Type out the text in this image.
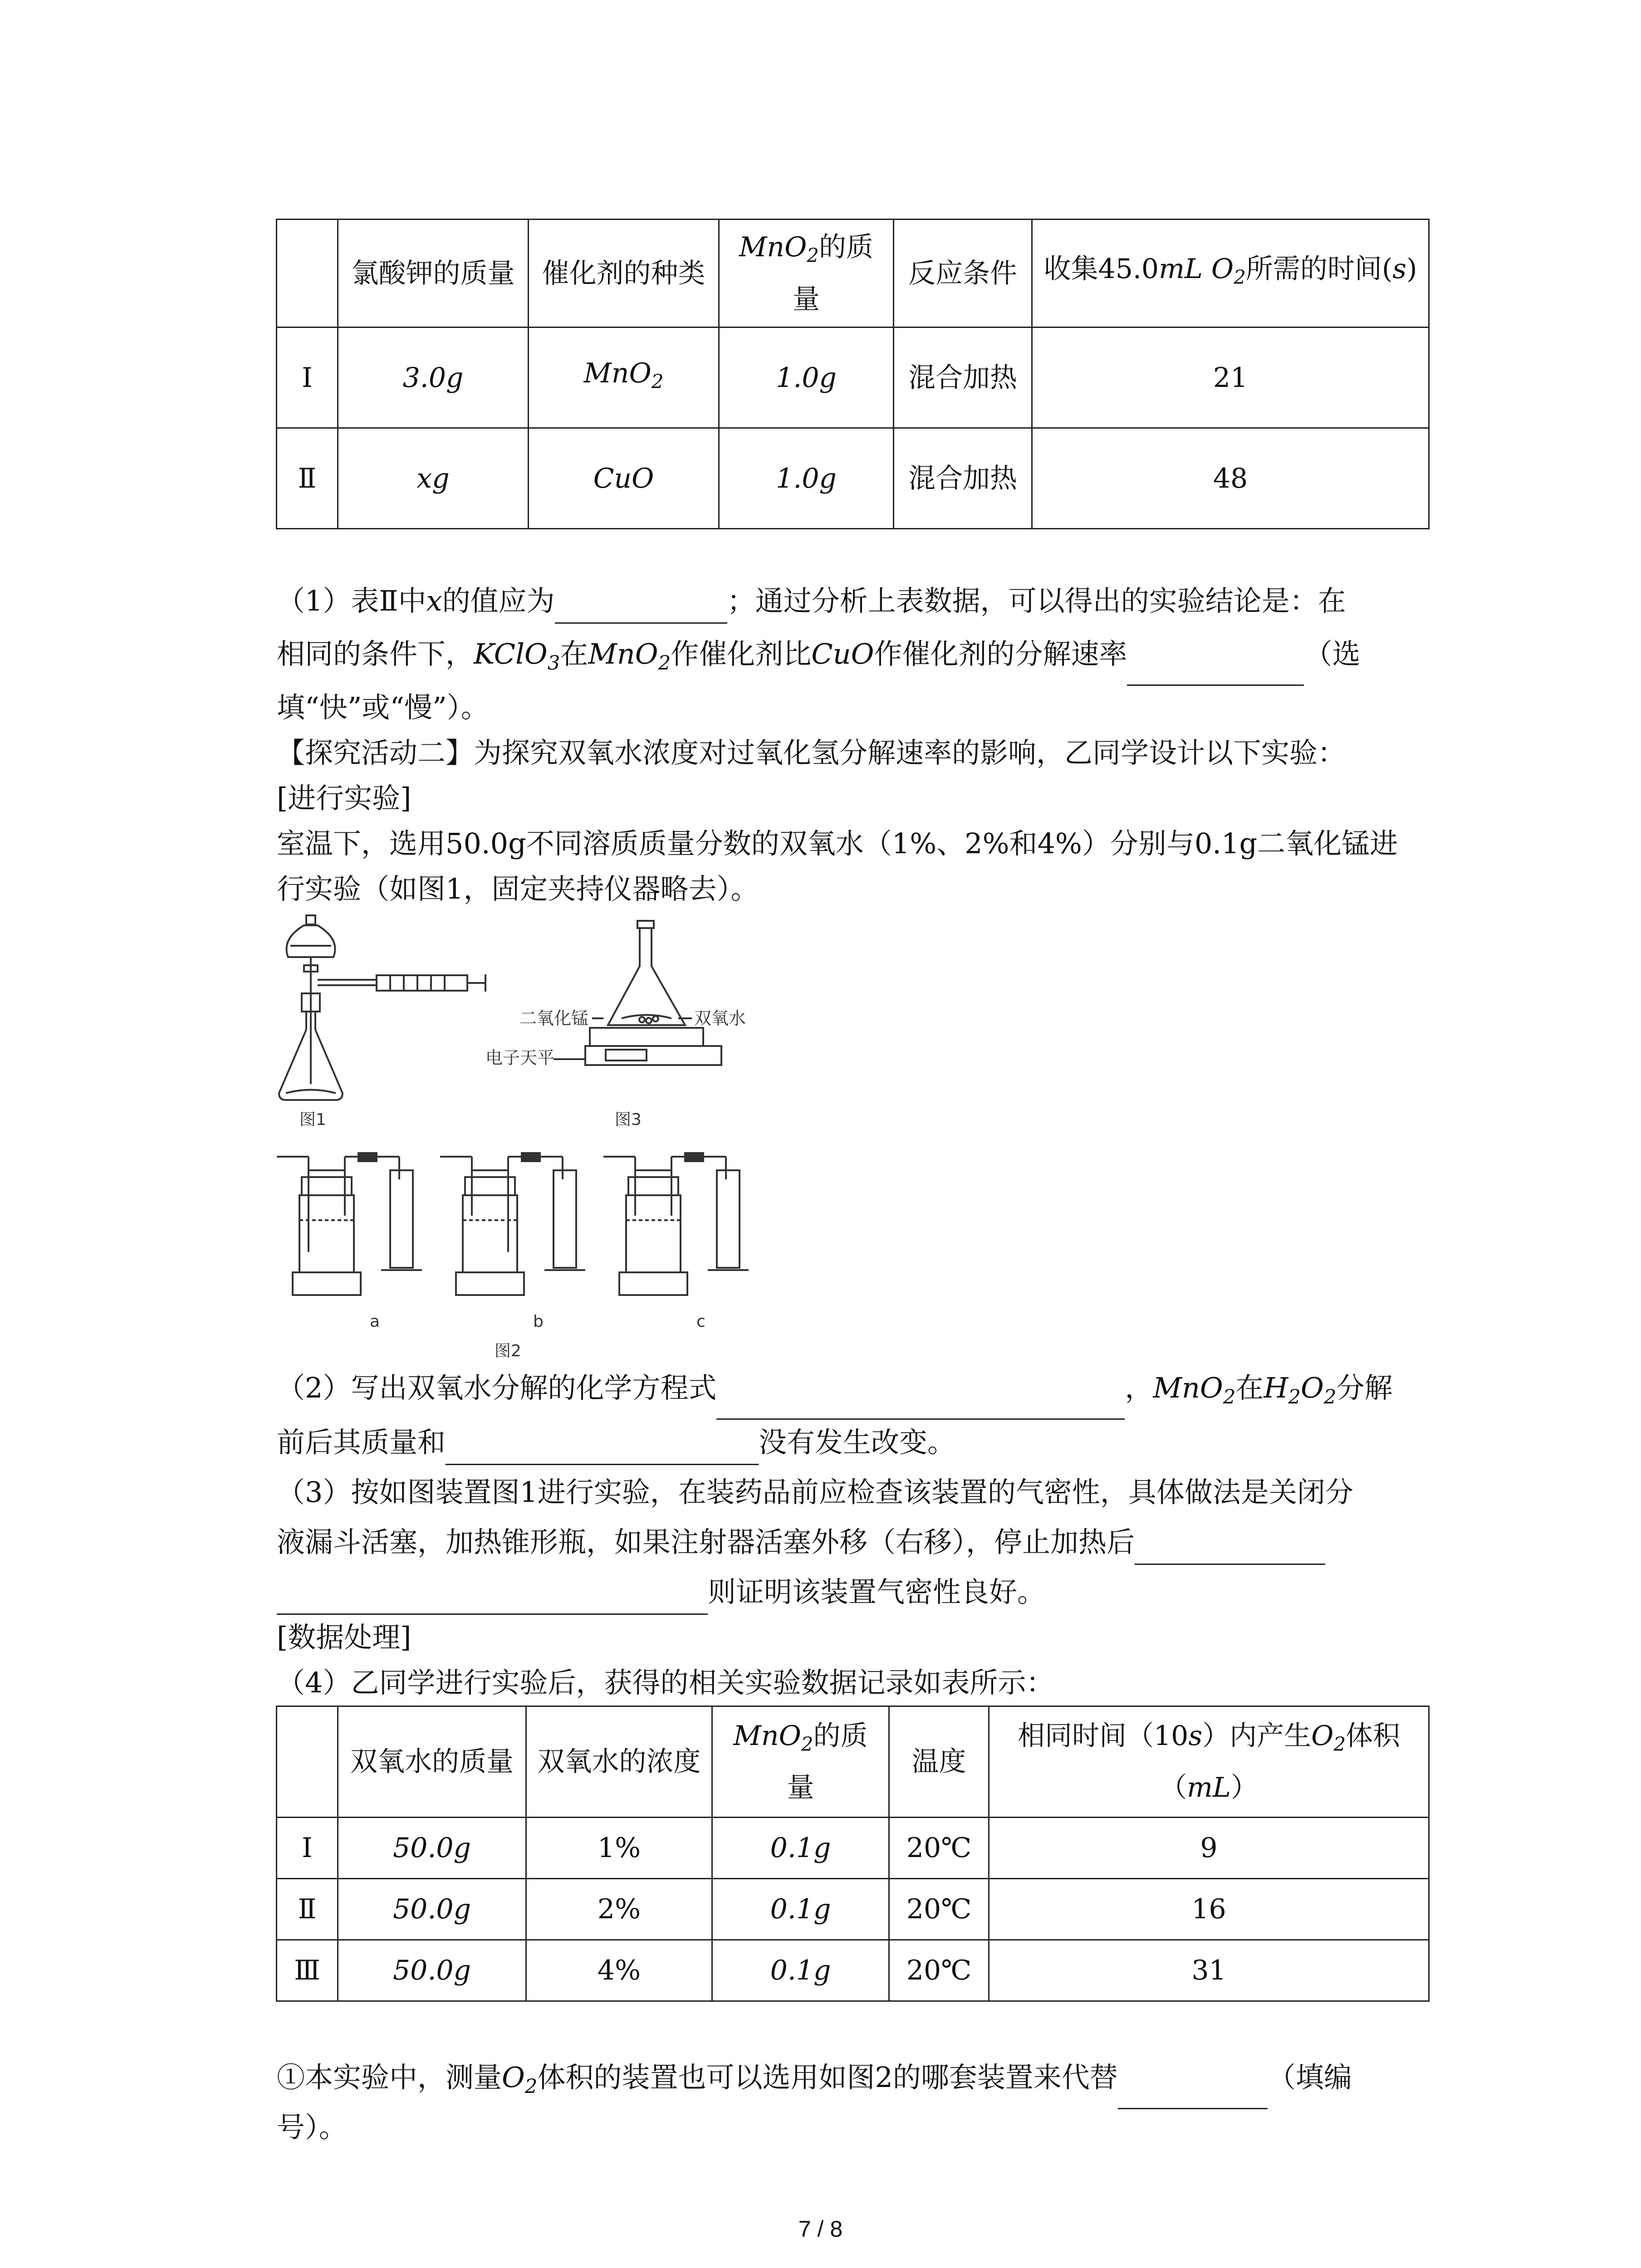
	氯酸钾的质量	催化剂的种类	MnO$_2$的质量	反应条件	收集45.0mL $O_2$所需的时间(s)
Ⅰ	3.0g	MnO$_2$	1.0g	混合加热	21
Ⅱ	xg	CuO	1.0g	混合加热	48
（1）表Ⅱ中x的值应为	；通过分析上表数据，可以得出的实验结论是：在
相同的条件下，KClO$_3$在MnO$_2$作催化剂比CuO作催化剂的分解速率	（选
填“快”或“慢”）。
【探究活动二】为探究双氧水浓度对过氧化氢分解速率的影响，乙同学设计以下实验：
[进行实验]
室温下，选用50.0g不同溶质质量分数的双氧水（1%、2%和4%）分别与0.1g二氧化锰进
行实验（如图1，固定夹持仪器略去）。
图1
二氧化锰	双氧水
电子天平
图3
a	b	c
图2
（2）写出双氧水分解的化学方程式	，MnO$_2$在$H_2O_2$分解
前后其质量和	没有发生改变。
（3）按如图装置图1进行实验，在装药品前应检查该装置的气密性，具体做法是关闭分
液漏斗活塞，加热锥形瓶，如果注射器活塞外移（右移），停止加热后
则证明该装置气密性良好。
[数据处理]
（4）乙同学进行实验后，获得的相关实验数据记录如表所示：
	双氧水的质量	双氧水的浓度	MnO$_2$的质量	温度	相同时间（10s）内产生$O_2$体积（mL）
Ⅰ	50.0g	1%	0.1g	20℃	9
Ⅱ	50.0g	2%	0.1g	20℃	16
Ⅲ	50.0g	4%	0.1g	20℃	31
①本实验中，测量$O_2$体积的装置也可以选用如图2的哪套装置来代替	（填编
号）。
7 / 8
